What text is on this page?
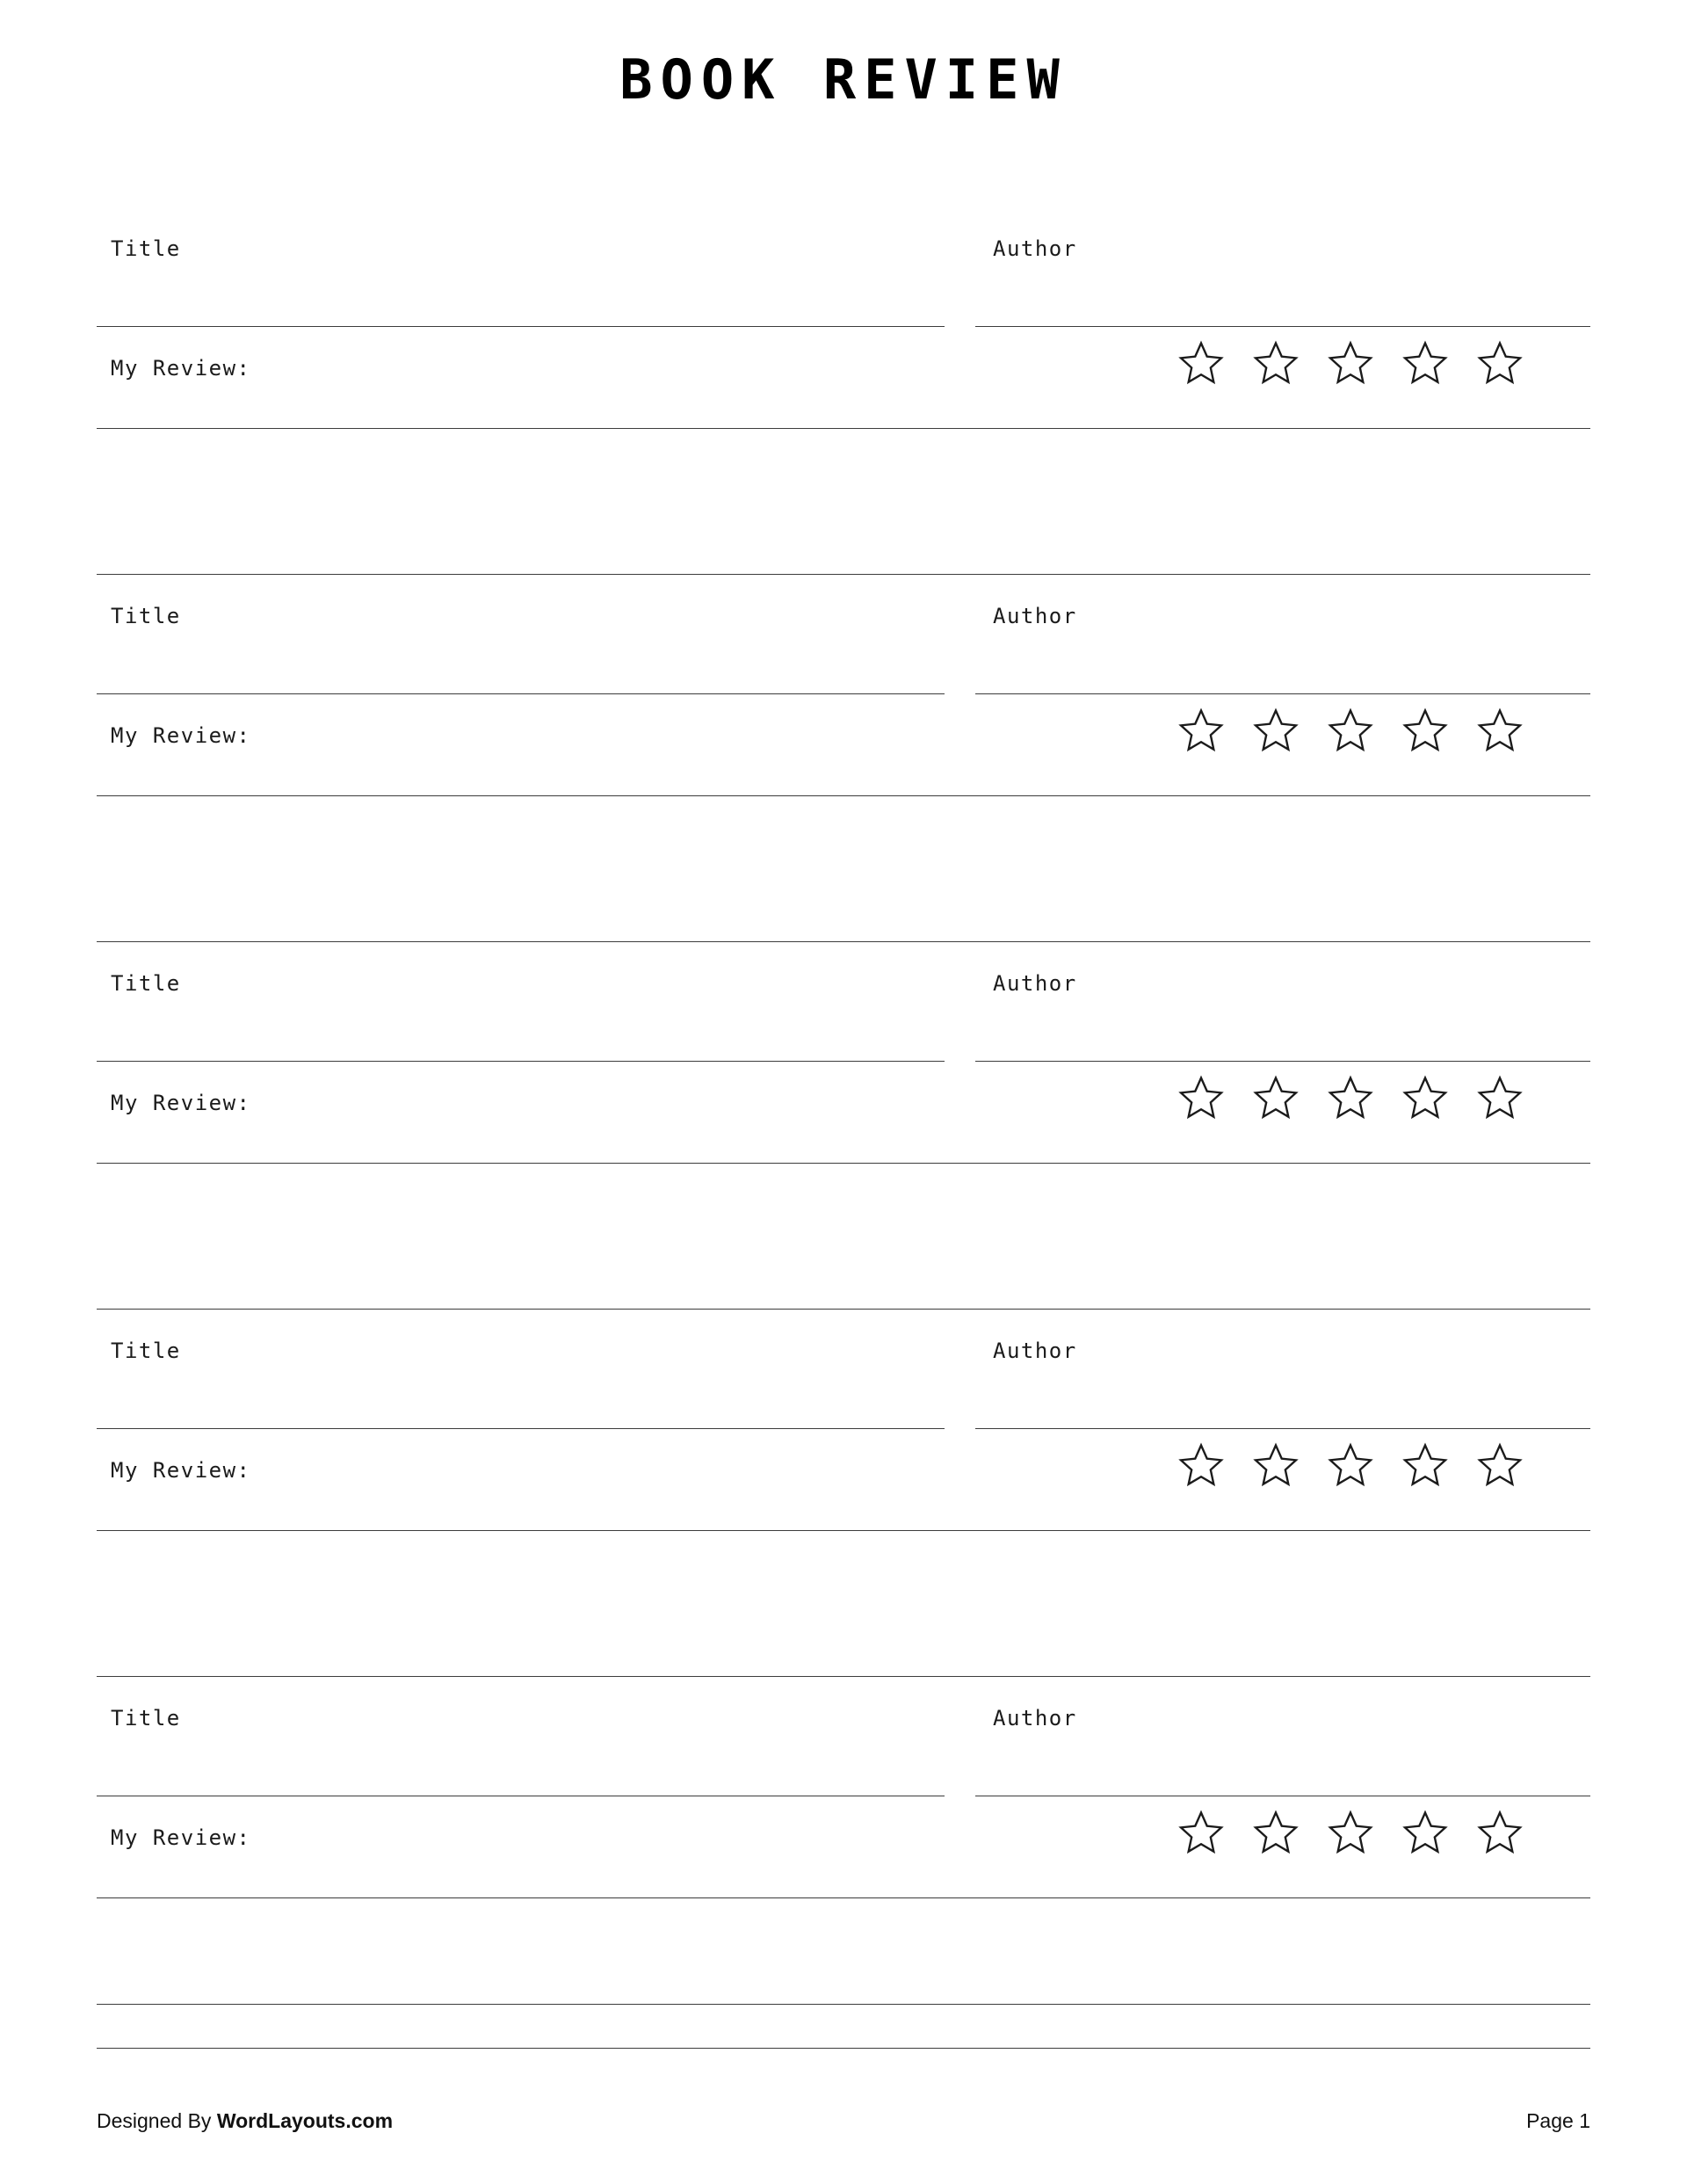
BOOK REVIEW
Title	Author
My Review:
Title	Author
My Review:
Title	Author
My Review:
Title	Author
My Review:
Title	Author
My Review:
Designed By WordLayouts.com	Page 1
